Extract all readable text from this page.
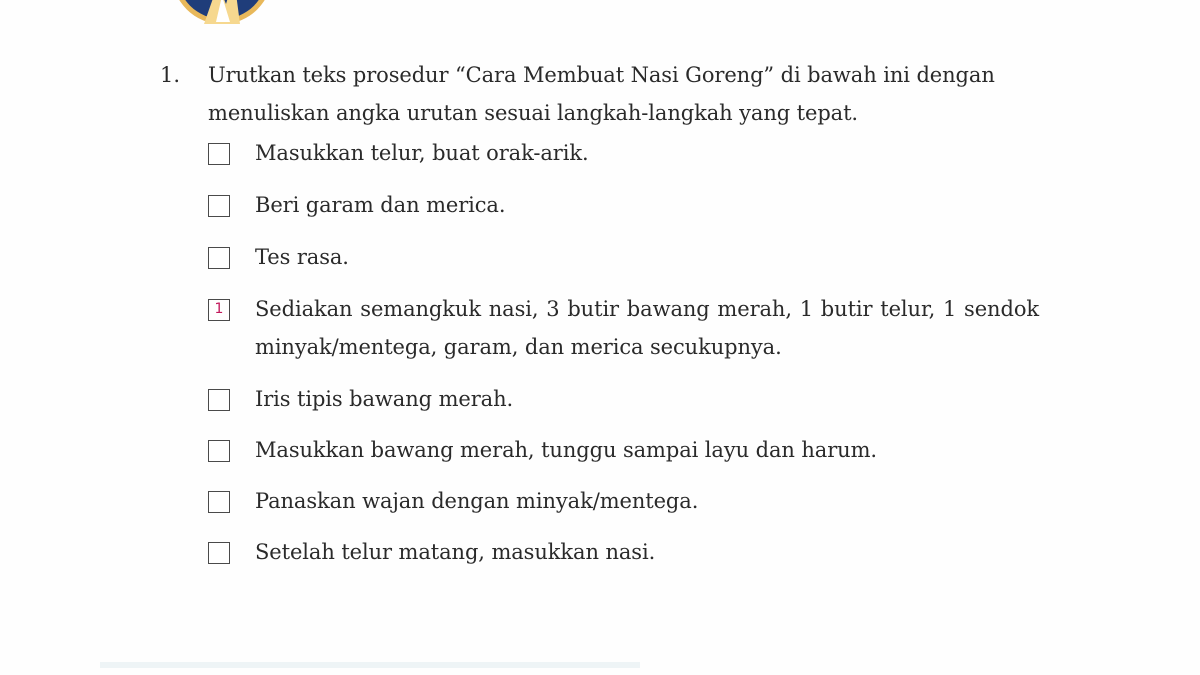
1. Urutkan teks prosedur “Cara Membuat Nasi Goreng” di bawah ini dengan menuliskan angka urutan sesuai langkah-langkah yang tepat.
Masukkan telur, buat orak-arik.
Beri garam dan merica.
Tes rasa.
1 Sediakan semangkuk nasi, 3 butir bawang merah, 1 butir telur, 1 sendok minyak/mentega, garam, dan merica secukupnya.
Iris tipis bawang merah.
Masukkan bawang merah, tunggu sampai layu dan harum.
Panaskan wajan dengan minyak/mentega.
Setelah telur matang, masukkan nasi.
